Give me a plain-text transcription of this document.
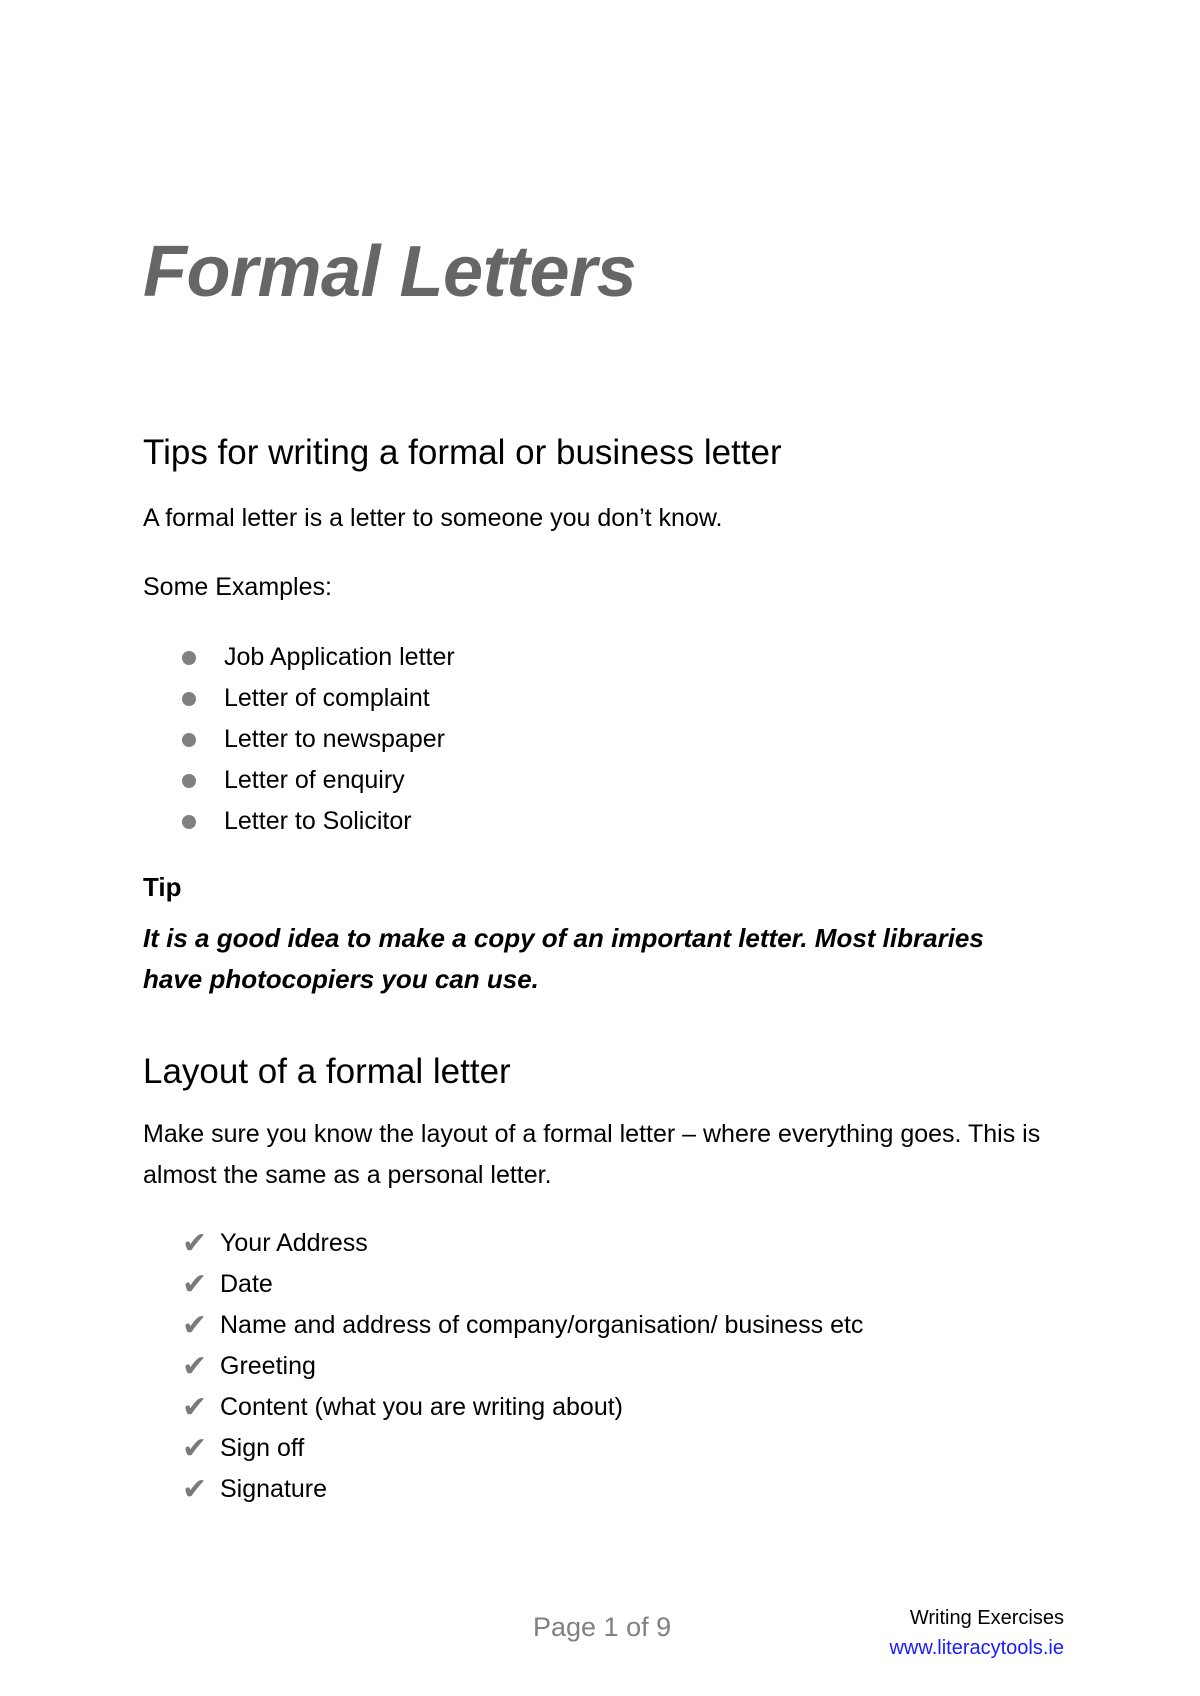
Formal Letters
Tips for writing a formal or business letter

A formal letter is a letter to someone you don’t know.

Some Examples:

Job Application letter
Letter of complaint
Letter to newspaper
Letter of enquiry
Letter to Solicitor

Tip

It is a good idea to make a copy of an important letter. Most libraries have photocopiers you can use.

Layout of a formal letter

Make sure you know the layout of a formal letter – where everything goes. This is almost the same as a personal letter.

✔ Your Address
✔ Date
✔ Name and address of company/organisation/ business etc
✔ Greeting
✔ Content (what you are writing about)
✔ Sign off
✔ Signature
Page 1 of 9	Writing Exercises
www.literacytools.ie
